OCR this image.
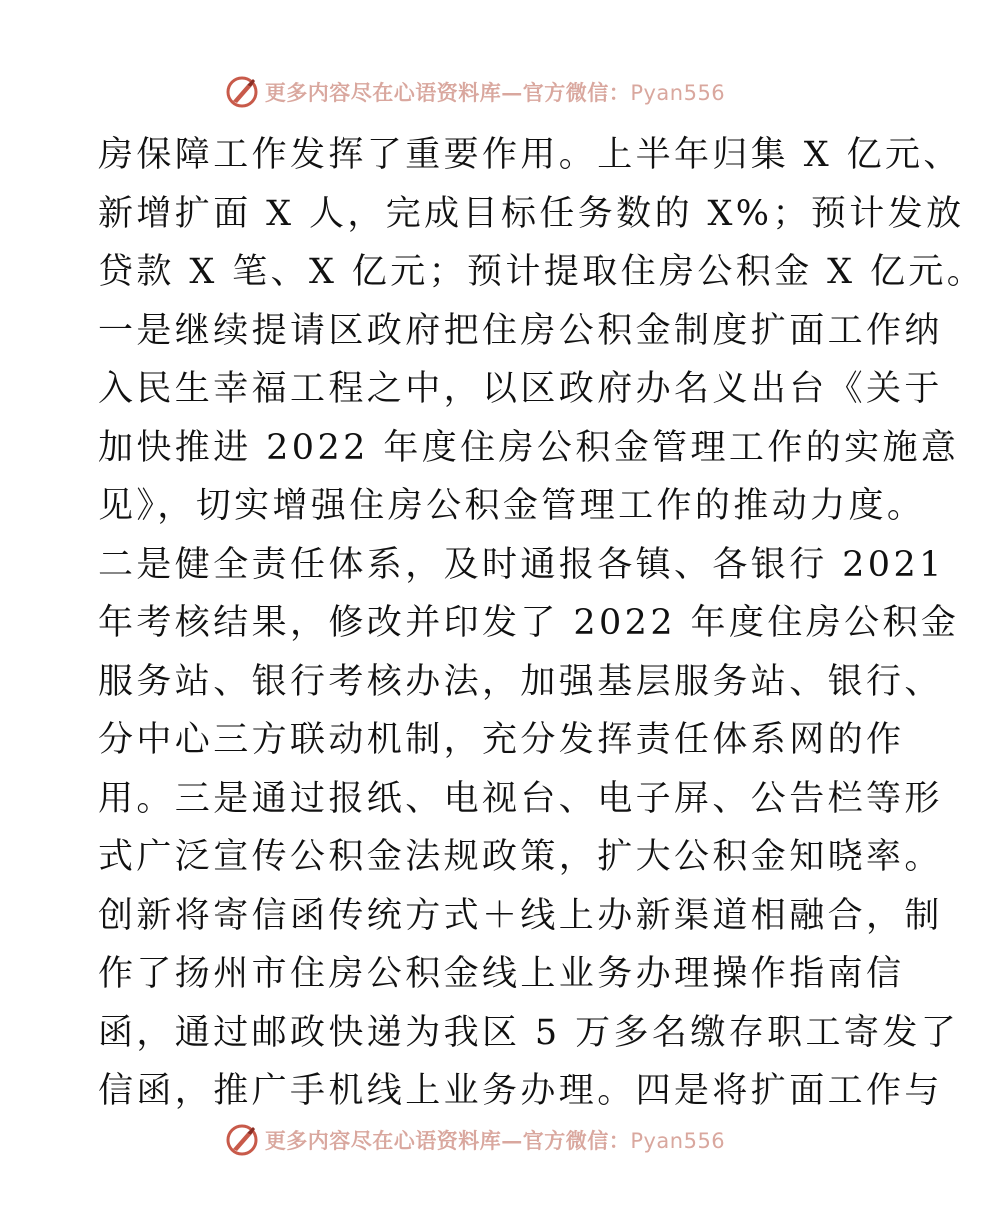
更多内容尽在心语资料库—官方微信：Pyan556
房保障工作发挥了重要作用。上半年归集 X 亿元、
新增扩面 X 人，完成目标任务数的 X%；预计发放
贷款 X 笔、X 亿元；预计提取住房公积金 X 亿元。
一是继续提请区政府把住房公积金制度扩面工作纳
入民生幸福工程之中，以区政府办名义出台《关于
加快推进 2022 年度住房公积金管理工作的实施意
见》，切实增强住房公积金管理工作的推动力度。
二是健全责任体系，及时通报各镇、各银行 2021
年考核结果，修改并印发了 2022 年度住房公积金
服务站、银行考核办法，加强基层服务站、银行、
分中心三方联动机制，充分发挥责任体系网的作
用。三是通过报纸、电视台、电子屏、公告栏等形
式广泛宣传公积金法规政策，扩大公积金知晓率。
创新将寄信函传统方式＋线上办新渠道相融合，制
作了扬州市住房公积金线上业务办理操作指南信
函，通过邮政快递为我区 5 万多名缴存职工寄发了
信函，推广手机线上业务办理。四是将扩面工作与
更多内容尽在心语资料库—官方微信：Pyan556
